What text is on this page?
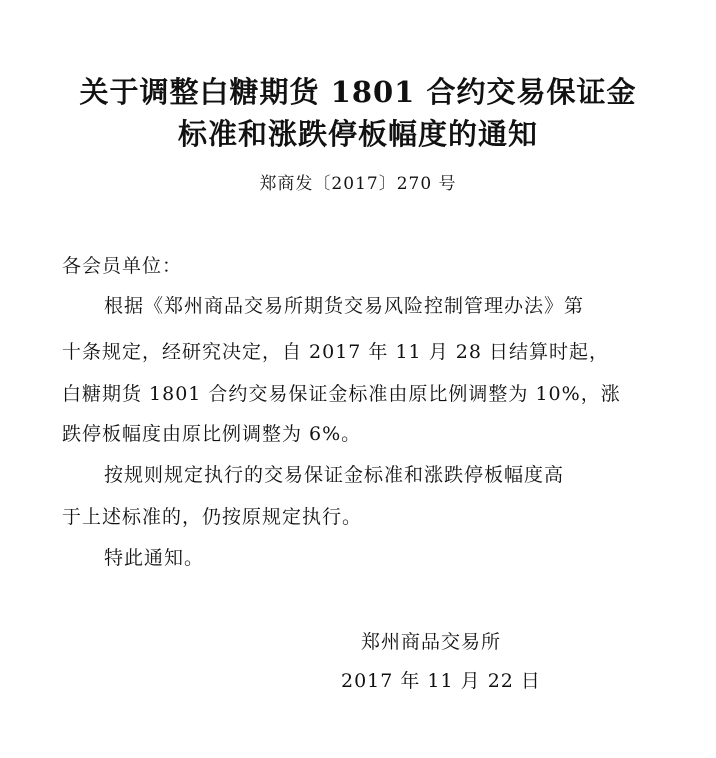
关于调整白糖期货 1801 合约交易保证金
标准和涨跌停板幅度的通知
郑商发〔2017〕270 号
各会员单位：
根据《郑州商品交易所期货交易风险控制管理办法》第
十条规定，经研究决定，自 2017 年 11 月 28 日结算时起，
白糖期货 1801 合约交易保证金标准由原比例调整为 10%，涨
跌停板幅度由原比例调整为 6%。
按规则规定执行的交易保证金标准和涨跌停板幅度高
于上述标准的，仍按原规定执行。
特此通知。
郑州商品交易所
2017 年 11 月 22 日
